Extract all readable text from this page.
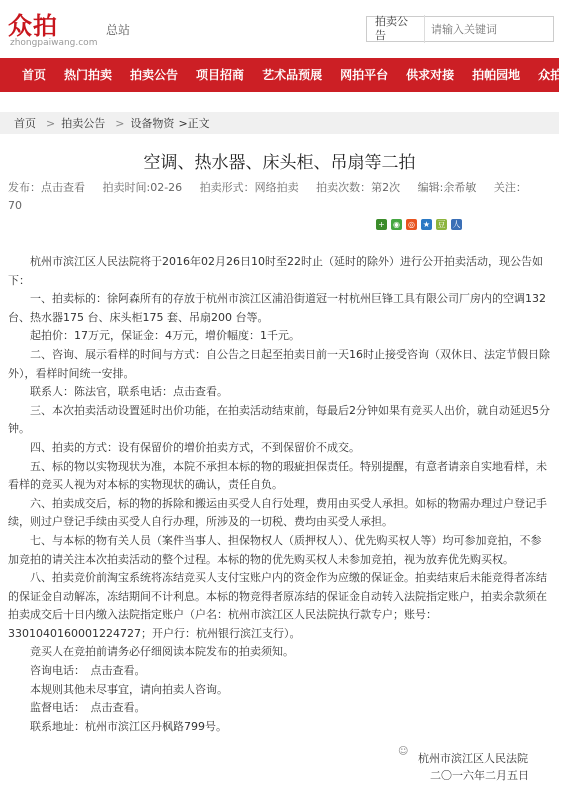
众拍	总站
zhongpaiwang.com
拍卖公告
请输入关键词
首页	热门拍卖	拍卖公告	项目招商	艺术品预展	网拍平台	供求对接	拍帕园地	众拍
首页 > 拍卖公告 > 设备物资 >正文
空调、热水器、床头柜、吊扇等二拍
发布：点击查看 拍卖时间:02-26 拍卖形式：网络拍卖 拍卖次数：第2次 编辑:余希敏 关注：70
+ ◉ ◎ ★ 豆 人

杭州市滨江区人民法院将于2016年02月26日10时至22时止（延时的除外）进行公开拍卖活动，现公告如下：

一、拍卖标的：徐阿森所有的存放于杭州市滨江区浦沿街道冠一村杭州巨锋工具有限公司厂房内的空调132 台、热水器175 台、床头柜175 套、吊扇200 台等。

起拍价：17万元，保证金：4万元，增价幅度：1千元。

二、咨询、展示看样的时间与方式：自公告之日起至拍卖日前一天16时止接受咨询（双休日、法定节假日除外），看样时间统一安排。

联系人：陈法官，联系电话：点击查看。

三、本次拍卖活动设置延时出价功能，在拍卖活动结束前，每最后2分钟如果有竞买人出价，就自动延迟5分钟。

四、拍卖的方式：设有保留价的增价拍卖方式，不到保留价不成交。

五、标的物以实物现状为准，本院不承担本标的物的瑕疵担保责任。特别提醒，有意者请亲自实地看样，未看样的竞买人视为对本标的实物现状的确认，责任自负。

六、拍卖成交后，标的物的拆除和搬运由买受人自行处理，费用由买受人承担。如标的物需办理过户登记手续，则过户登记手续由买受人自行办理，所涉及的一切税、费均由买受人承担。

七、与本标的物有关人员（案件当事人、担保物权人（质押权人）、优先购买权人等）均可参加竞拍，不参加竞拍的请关注本次拍卖活动的整个过程。本标的物的优先购买权人未参加竞拍，视为放弃优先购买权。

八、拍卖竞价前淘宝系统将冻结竞买人支付宝账户内的资金作为应缴的保证金。拍卖结束后未能竞得者冻结的保证金自动解冻，冻结期间不计利息。本标的物竞得者原冻结的保证金自动转入法院指定账户，拍卖余款须在拍卖成交后十日内缴入法院指定账户（户名：杭州市滨江区人民法院执行款专户；账号：3301040160001224727；开户行：杭州银行滨江支行）。

竞买人在竞拍前请务必仔细阅读本院发布的拍卖须知。

咨询电话：　点击查看。

本规则其他未尽事宜，请向拍卖人咨询。

监督电话：　点击查看。

联系地址：杭州市滨江区丹枫路799号。

☺
杭州市滨江区人民法院
二〇一六年二月五日
